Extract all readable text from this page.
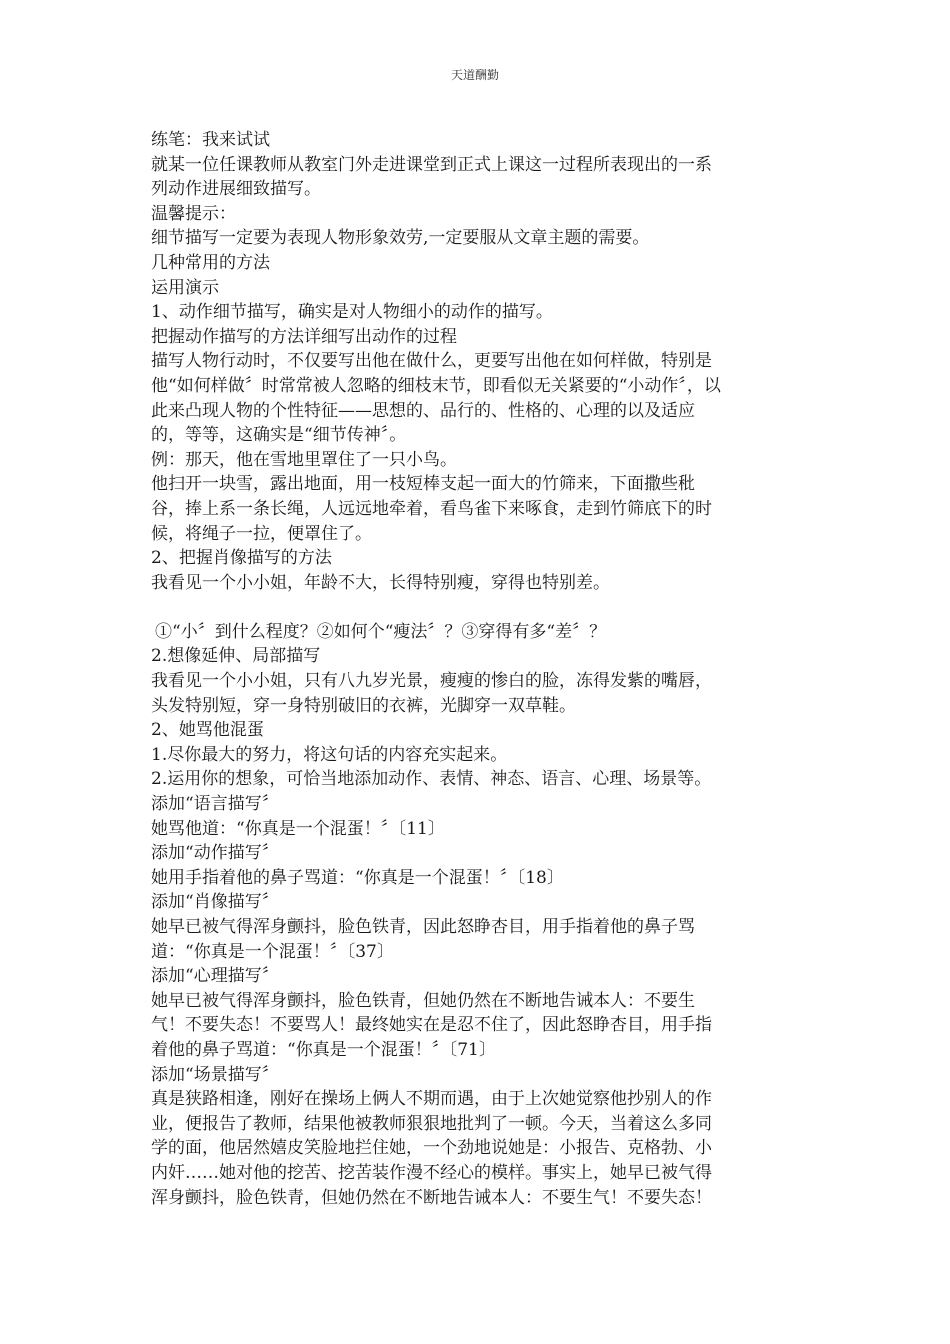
天道酬勤
练笔：我来试试
就某一位任课教师从教室门外走进课堂到正式上课这一过程所表现出的一系
列动作进展细致描写。
温馨提示：
细节描写一定要为表现人物形象效劳,一定要服从文章主题的需要。
几种常用的方法
运用演示
1、动作细节描写，确实是对人物细小的动作的描写。
把握动作描写的方法详细写出动作的过程
描写人物行动时，不仅要写出他在做什么，更要写出他在如何样做，特别是
他“如何样做〞时常常被人忽略的细枝末节，即看似无关紧要的“小动作〞，以
此来凸现人物的个性特征——思想的、品行的、性格的、心理的以及适应
的，等等，这确实是“细节传神〞。
例：那天，他在雪地里罩住了一只小鸟。
他扫开一块雪，露出地面，用一枝短棒支起一面大的竹筛来，下面撒些秕
谷，捧上系一条长绳，人远远地牵着，看鸟雀下来啄食，走到竹筛底下的时
候，将绳子一拉，便罩住了。
2、把握肖像描写的方法
我看见一个小小姐，年龄不大，长得特别瘦，穿得也特别差。
①“小〞到什么程度？②如何个“瘦法〞？③穿得有多“差〞？
2.想像延伸、局部描写
我看见一个小小姐，只有八九岁光景，瘦瘦的惨白的脸，冻得发紫的嘴唇，
头发特别短，穿一身特别破旧的衣裤，光脚穿一双草鞋。
2、她骂他混蛋
1.尽你最大的努力，将这句话的内容充实起来。
2.运用你的想象，可恰当地添加动作、表情、神态、语言、心理、场景等。
添加“语言描写〞
她骂他道：“你真是一个混蛋！〞〔11〕
添加“动作描写〞
她用手指着他的鼻子骂道：“你真是一个混蛋！〞〔18〕
添加“肖像描写〞
她早已被气得浑身颤抖，脸色铁青，因此怒睁杏目，用手指着他的鼻子骂
道：“你真是一个混蛋！〞〔37〕
添加“心理描写〞
她早已被气得浑身颤抖，脸色铁青，但她仍然在不断地告诫本人：不要生
气！不要失态！不要骂人！最终她实在是忍不住了，因此怒睁杏目，用手指
着他的鼻子骂道：“你真是一个混蛋！〞〔71〕
添加“场景描写〞
真是狭路相逢，刚好在操场上俩人不期而遇，由于上次她觉察他抄别人的作
业，便报告了教师，结果他被教师狠狠地批判了一顿。今天，当着这么多同
学的面，他居然嬉皮笑脸地拦住她，一个劲地说她是：小报告、克格勃、小
内奸……她对他的挖苦、挖苦装作漫不经心的模样。事实上，她早已被气得
浑身颤抖，脸色铁青，但她仍然在不断地告诫本人：不要生气！不要失态！
